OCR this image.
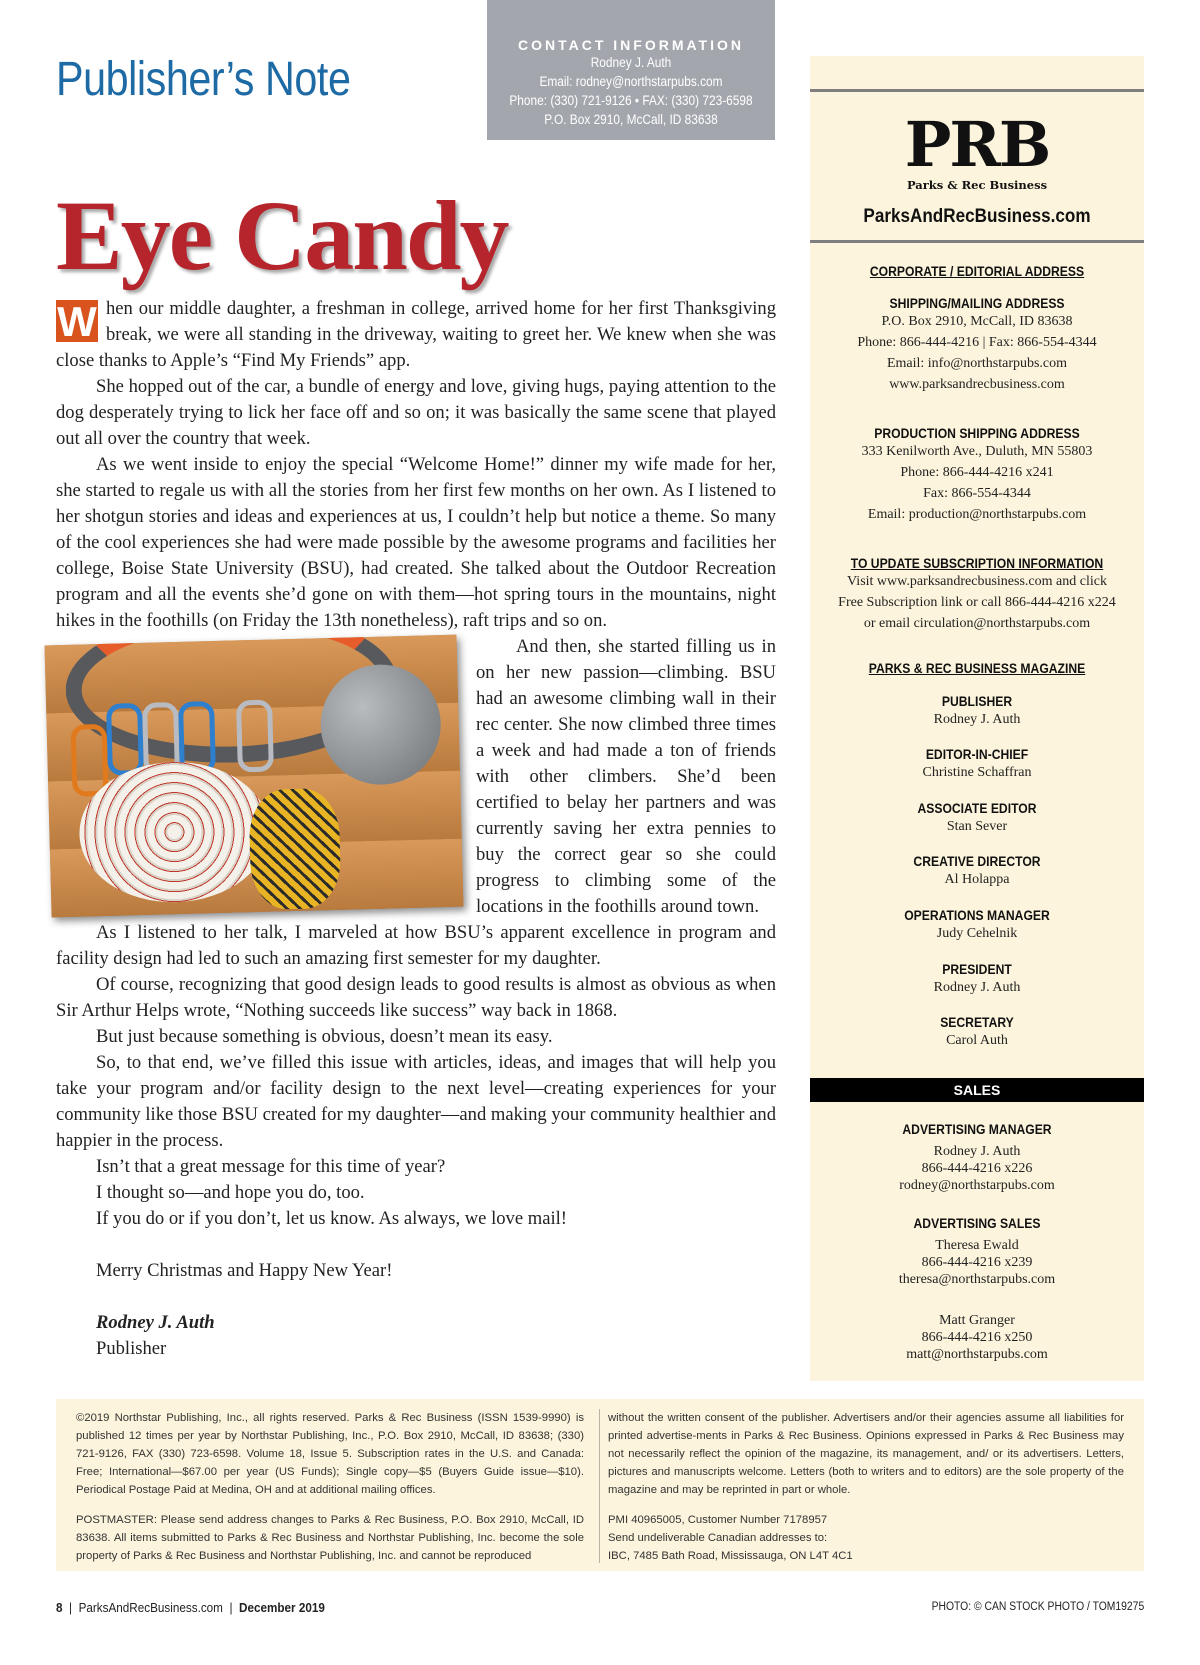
Publisher’s Note
CONTACT INFORMATION
Rodney J. Auth
Email: rodney@northstarpubs.com
Phone: (330) 721-9126 • FAX: (330) 723-6598
P.O. Box 2910, McCall, ID 83638
Eye Candy

W hen our middle daughter, a freshman in college, arrived home for her first Thanksgiving break, we were all standing in the driveway, waiting to greet her. We knew when she was close thanks to Apple’s “Find My Friends” app.

She hopped out of the car, a bundle of energy and love, giving hugs, paying attention to the dog desperately trying to lick her face off and so on; it was basically the same scene that played out all over the country that week.

As we went inside to enjoy the special “Welcome Home!” dinner my wife made for her, she started to regale us with all the stories from her first few months on her own. As I listened to her shotgun stories and ideas and experiences at us, I couldn’t help but notice a theme. So many of the cool experiences she had were made possible by the awesome programs and facilities her college, Boise State University (BSU), had created. She talked about the Outdoor Recreation program and all the events she’d gone on with them—hot spring tours in the mountains, night hikes in the foothills (on Friday the 13th nonetheless), raft trips and so on.

And then, she started filling us in on her new passion—climbing. BSU had an awesome climbing wall in their rec center. She now climbed three times a week and had made a ton of friends with other climbers. She’d been certified to belay her partners and was currently saving her extra pennies to buy the correct gear so she could progress to climbing some of the locations in the foothills around town.

As I listened to her talk, I marveled at how BSU’s apparent excellence in program and facility design had led to such an amazing first semester for my daughter.

Of course, recognizing that good design leads to good results is almost as obvious as when Sir Arthur Helps wrote, “Nothing succeeds like success” way back in 1868.

But just because something is obvious, doesn’t mean its easy.

So, to that end, we’ve filled this issue with articles, ideas, and images that will help you take your program and/or facility design to the next level—creating experiences for your community like those BSU created for my daughter—and making your community healthier and happier in the process.

Isn’t that a great message for this time of year?

I thought so—and hope you do, too.

If you do or if you don’t, let us know. As always, we love mail!

Merry Christmas and Happy New Year!

Rodney J. Auth

Publisher

PRB
Parks & Rec Business
ParksAndRecBusiness.com
CORPORATE / EDITORIAL ADDRESS
SHIPPING/MAILING ADDRESS
P.O. Box 2910, McCall, ID 83638
Phone: 866-444-4216 | Fax: 866-554-4344
Email: info@northstarpubs.com
www.parksandrecbusiness.com
PRODUCTION SHIPPING ADDRESS
333 Kenilworth Ave., Duluth, MN 55803
Phone: 866-444-4216 x241
Fax: 866-554-4344
Email: production@northstarpubs.com
TO UPDATE SUBSCRIPTION INFORMATION
Visit www.parksandrecbusiness.com and click
Free Subscription link or call 866-444-4216 x224
or email circulation@northstarpubs.com
PARKS & REC BUSINESS MAGAZINE
PUBLISHER
Rodney J. Auth
EDITOR-IN-CHIEF
Christine Schaffran
ASSOCIATE EDITOR
Stan Sever
CREATIVE DIRECTOR
Al Holappa
OPERATIONS MANAGER
Judy Cehelnik
PRESIDENT
Rodney J. Auth
SECRETARY
Carol Auth
SALES
ADVERTISING MANAGER
Rodney J. Auth
866-444-4216 x226
rodney@northstarpubs.com
ADVERTISING SALES
Theresa Ewald
866-444-4216 x239
theresa@northstarpubs.com
Matt Granger
866-444-4216 x250
matt@northstarpubs.com

©2019 Northstar Publishing, Inc., all rights reserved. Parks & Rec Business (ISSN 1539-9990) is published 12 times per year by Northstar Publishing, Inc., P.O. Box 2910, McCall, ID 83638; (330) 721-9126, FAX (330) 723-6598. Volume 18, Issue 5. Subscription rates in the U.S. and Canada: Free; International—$67.00 per year (US Funds); Single copy—$5 (Buyers Guide issue—$10). Periodical Postage Paid at Medina, OH and at additional mailing offices.

POSTMASTER: Please send address changes to Parks & Rec Business, P.O. Box 2910, McCall, ID 83638. All items submitted to Parks & Rec Business and Northstar Publishing, Inc. become the sole property of Parks & Rec Business and Northstar Publishing, Inc. and cannot be reproduced

without the written consent of the publisher. Advertisers and/or their agencies assume all liabilities for printed advertise-ments in Parks & Rec Business. Opinions expressed in Parks & Rec Business may not necessarily reflect the opinion of the magazine, its management, and/ or its advertisers. Letters, pictures and manuscripts welcome. Letters (both to writers and to editors) are the sole property of the magazine and may be reprinted in part or whole.

PMI 40965005, Customer Number 7178957
Send undeliverable Canadian addresses to:
IBC, 7485 Bath Road, Mississauga, ON L4T 4C1
8  |  ParksAndRecBusiness.com  |  December 2019	PHOTO: © CAN STOCK PHOTO / TOM19275
